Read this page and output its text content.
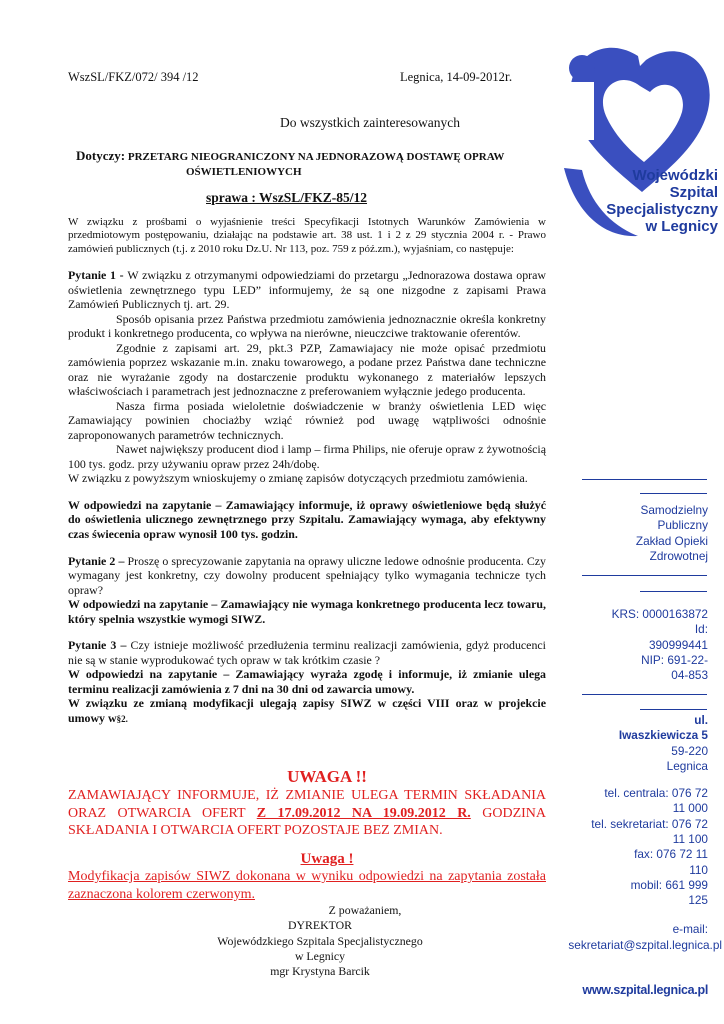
WszSL/FKZ/072/ 394 /12	Legnica, 14-09-2012r.
Do wszystkich zainteresowanych
Dotyczy: PRZETARG NIEOGRANICZONY NA JEDNORAZOWĄ DOSTAWĘ OPRAW
OŚWIETLENIOWYCH
sprawa : WszSL/FKZ-85/12

W związku z prośbami o wyjaśnienie treści Specyfikacji Istotnych Warunków Zamówienia w przedmiotowym postępowaniu, działając na podstawie art. 38 ust. 1 i 2 z 29 stycznia 2004 r. - Prawo zamówień publicznych (t.j. z 2010 roku Dz.U. Nr 113, poz. 759 z póź.zm.), wyjaśniam, co następuje:

Pytanie 1 - W związku z otrzymanymi odpowiedziami do przetargu „Jednorazowa dostawa opraw oświetlenia zewnętrznego typu LED” informujemy, że są one nizgodne z zapisami Prawa Zamówień Publicznych tj. art. 29.

Sposób opisania przez Państwa przedmiotu zamówienia jednoznacznie określa konkretny produkt i konkretnego producenta, co wpływa na nierówne, nieuczciwe traktowanie oferentów.

Zgodnie z zapisami art. 29, pkt.3 PZP, Zamawiajacy nie może opisać przedmiotu zamówienia poprzez wskazanie m.in. znaku towarowego, a podane przez Państwa dane techniczne oraz nie wyrażanie zgody na dostarczenie produktu wykonanego z materiałów lepszych właściwościach i parametrach jest jednoznaczne z preferowaniem wyłącznie jedego producenta.

Nasza firma posiada wieloletnie doświadczenie w branży oświetlenia LED więc Zamawiający powinien chociażby wziąć również pod uwagę wątpliwości odnośnie zaproponowanych parametrów technicznych.

Nawet największy producent diod i lamp – firma Philips, nie oferuje opraw z żywotnością 100 tys. godz. przy używaniu opraw przez 24h/dobę.

W związku z powyższym wnioskujemy o zmianę zapisów dotyczących przedmiotu zamówienia.

W odpowiedzi na zapytanie – Zamawiający informuje, iż oprawy oświetleniowe będą służyć do oświetlenia ulicznego zewnętrznego przy Szpitalu. Zamawiający wymaga, aby efektywny czas świecenia opraw wynosił 100 tys. godzin.

Pytanie 2 – Proszę o sprecyzowanie zapytania na oprawy uliczne ledowe odnośnie producenta. Czy wymagany jest konkretny, czy dowolny producent spełniający tylko wymagania technicze tych opraw?

W odpowiedzi na zapytanie – Zamawiający nie wymaga konkretnego producenta lecz towaru, który spelnia wszystkie wymogi SIWZ.

Pytanie 3 – Czy istnieje możliwość przedłużenia terminu realizacji zamówienia, gdyż producenci nie są w stanie wyprodukować tych opraw w tak krótkim czasie ?

W odpowiedzi na zapytanie – Zamawiający wyraża zgodę i informuje, iż zmianie ulega terminu realizacji zamówienia z 7 dni na 30 dni od zawarcia umowy.

W związku ze zmianą modyfikacji ulegają zapisy SIWZ w części VIII oraz w projekcie umowy w§2.

UWAGA !!
ZAMAWIAJĄCY INFORMUJE, IŻ ZMIANIE ULEGA TERMIN SKŁADANIA ORAZ OTWARCIA OFERT Z 17.09.2012 NA 19.09.2012 R. GODZINA SKŁADANIA I OTWARCIA OFERT POZOSTAJE BEZ ZMIAN.
Uwaga !
Modyfikacja zapisów SIWZ dokonana w wyniku odpowiedzi na zapytania została zaznaczona kolorem czerwonym.
Z poważaniem,
DYREKTOR
Wojewódzkiego Szpitala Specjalistycznego
w Legnicy
mgr Krystyna Barcik
Wojewódzki
Szpital
Specjalistyczny
w Legnicy
Samodzielny
Publiczny
Zakład Opieki
Zdrowotnej
KRS: 0000163872
Id:
390999441
NIP: 691-22-
04-853
ul.
Iwaszkiewicza 5
59-220
Legnica
tel. centrala: 076 72
11 000
tel. sekretariat: 076 72
11 100
fax: 076 72 11
110
mobil: 661 999
125
e-mail:
sekretariat@szpital.legnica.pl
www.szpital.legnica.pl
